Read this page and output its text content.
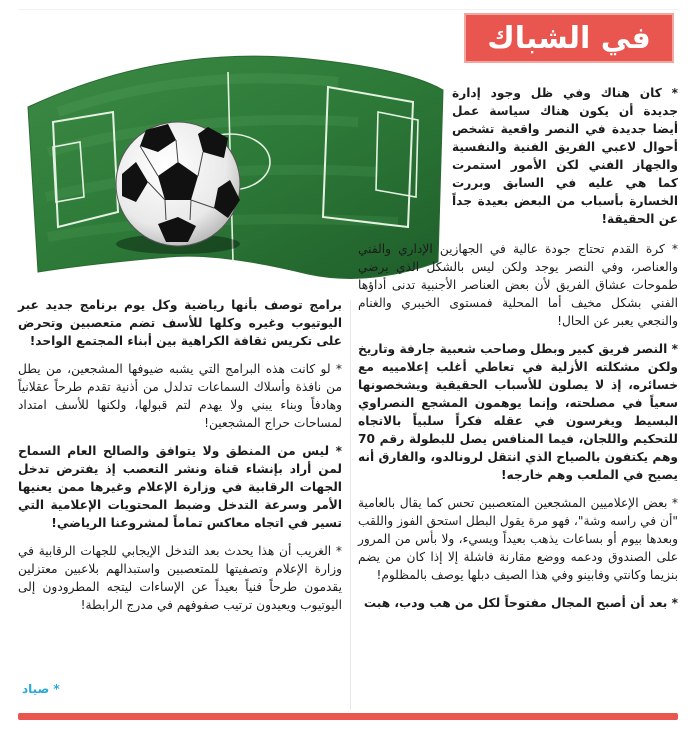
في الشباك

* كان هناك وفي ظل وجود إدارة جديدة أن يكون هناك سياسة عمل أيضا جديدة في النصر واقعية تشخص أحوال لاعبي الفريق الفنية والنفسية والجهاز الفني لكن الأمور استمرت كما هي عليه في السابق وبررت الخسارة بأسباب من البعض بعيدة جداً عن الحقيقة!

* كرة القدم تحتاج جودة عالية في الجهازين الإداري والفني والعناصر، وفي النصر يوجد ولكن ليس بالشكل الذي يرضي طموحات عشاق الفريق لأن بعض العناصر الأجنبية تدنى أداؤها الفني بشكل مخيف أما المحلية فمستوى الخيبري والغنام والنجعي يعبر عن الحال!

* النصر فريق كبير وبطل وصاحب شعبية جارفة وتاريخ ولكن مشكلته الأزلية في تعاطي أغلب إعلامييه مع خسائره، إذ لا يصلون للأسباب الحقيقية ويشخصونها سعياً في مصلحته، وإنما يوهمون المشجع النصراوي البسيط ويغرسون في عقله فكراً سلبياً بالاتجاه للتحكيم واللجان، فيما المنافس يصل للبطولة رقم 70 وهم يكتفون بالصياح الذي انتقل لرونالدو، والفارق أنه يصيح في الملعب وهم خارجه!

* بعض الإعلاميين المشجعين المتعصبين تحس كما يقال بالعامية "أن في راسه وشة"، فهو مرة يقول البطل استحق الفوز واللقب وبعدها بيوم أو بساعات يذهب بعيداً ويسيء، ولا بأس من المرور على الصندوق ودعمه ووضع مقارنة فاشلة إلا إذا كان من يضم بنزيما وكانتي وفابينو وفي هذا الصيف دبلها يوصف بالمظلوم!

* بعد أن أصبح المجال مفتوحاً لكل من هب ودب، هبت

برامج توصف بأنها رياضية وكل يوم برنامج جديد عبر اليوتيوب وغيره وكلها للأسف تضم متعصبين وتحرض على تكريس ثقافة الكراهية بين أبناء المجتمع الواحد!

* لو كانت هذه البرامج التي يشبه ضيوفها المشجعين، من يطل من نافذة وأسلاك السماعات تدلدل من أذنية تقدم طرحاً عقلانياً وهادفاً وبناء يبني ولا يهدم لتم قبولها، ولكنها للأسف امتداد لمساحات حراج المشجعين!

* ليس من المنطق ولا يتوافق والصالح العام السماح لمن أراد بإنشاء قناة ونشر التعصب إذ يفترض تدخل الجهات الرقابية في وزارة الإعلام وغيرها ممن يعنيها الأمر وسرعة التدخل وضبط المحتويات الإعلامية التي تسير في اتجاه معاكس تماماً لمشروعنا الرياضي!

* الغريب أن هذا يحدث بعد التدخل الإيجابي للجهات الرقابية في وزارة الإعلام وتصفيتها للمتعصبين واستبدالهم بلاعبين معتزلين يقدمون طرحاً فنياً بعيداً عن الإساءات ليتجه المطرودون إلى اليوتيوب ويعيدون ترتيب صفوفهم في مدرج الرابطة!

* صياد
